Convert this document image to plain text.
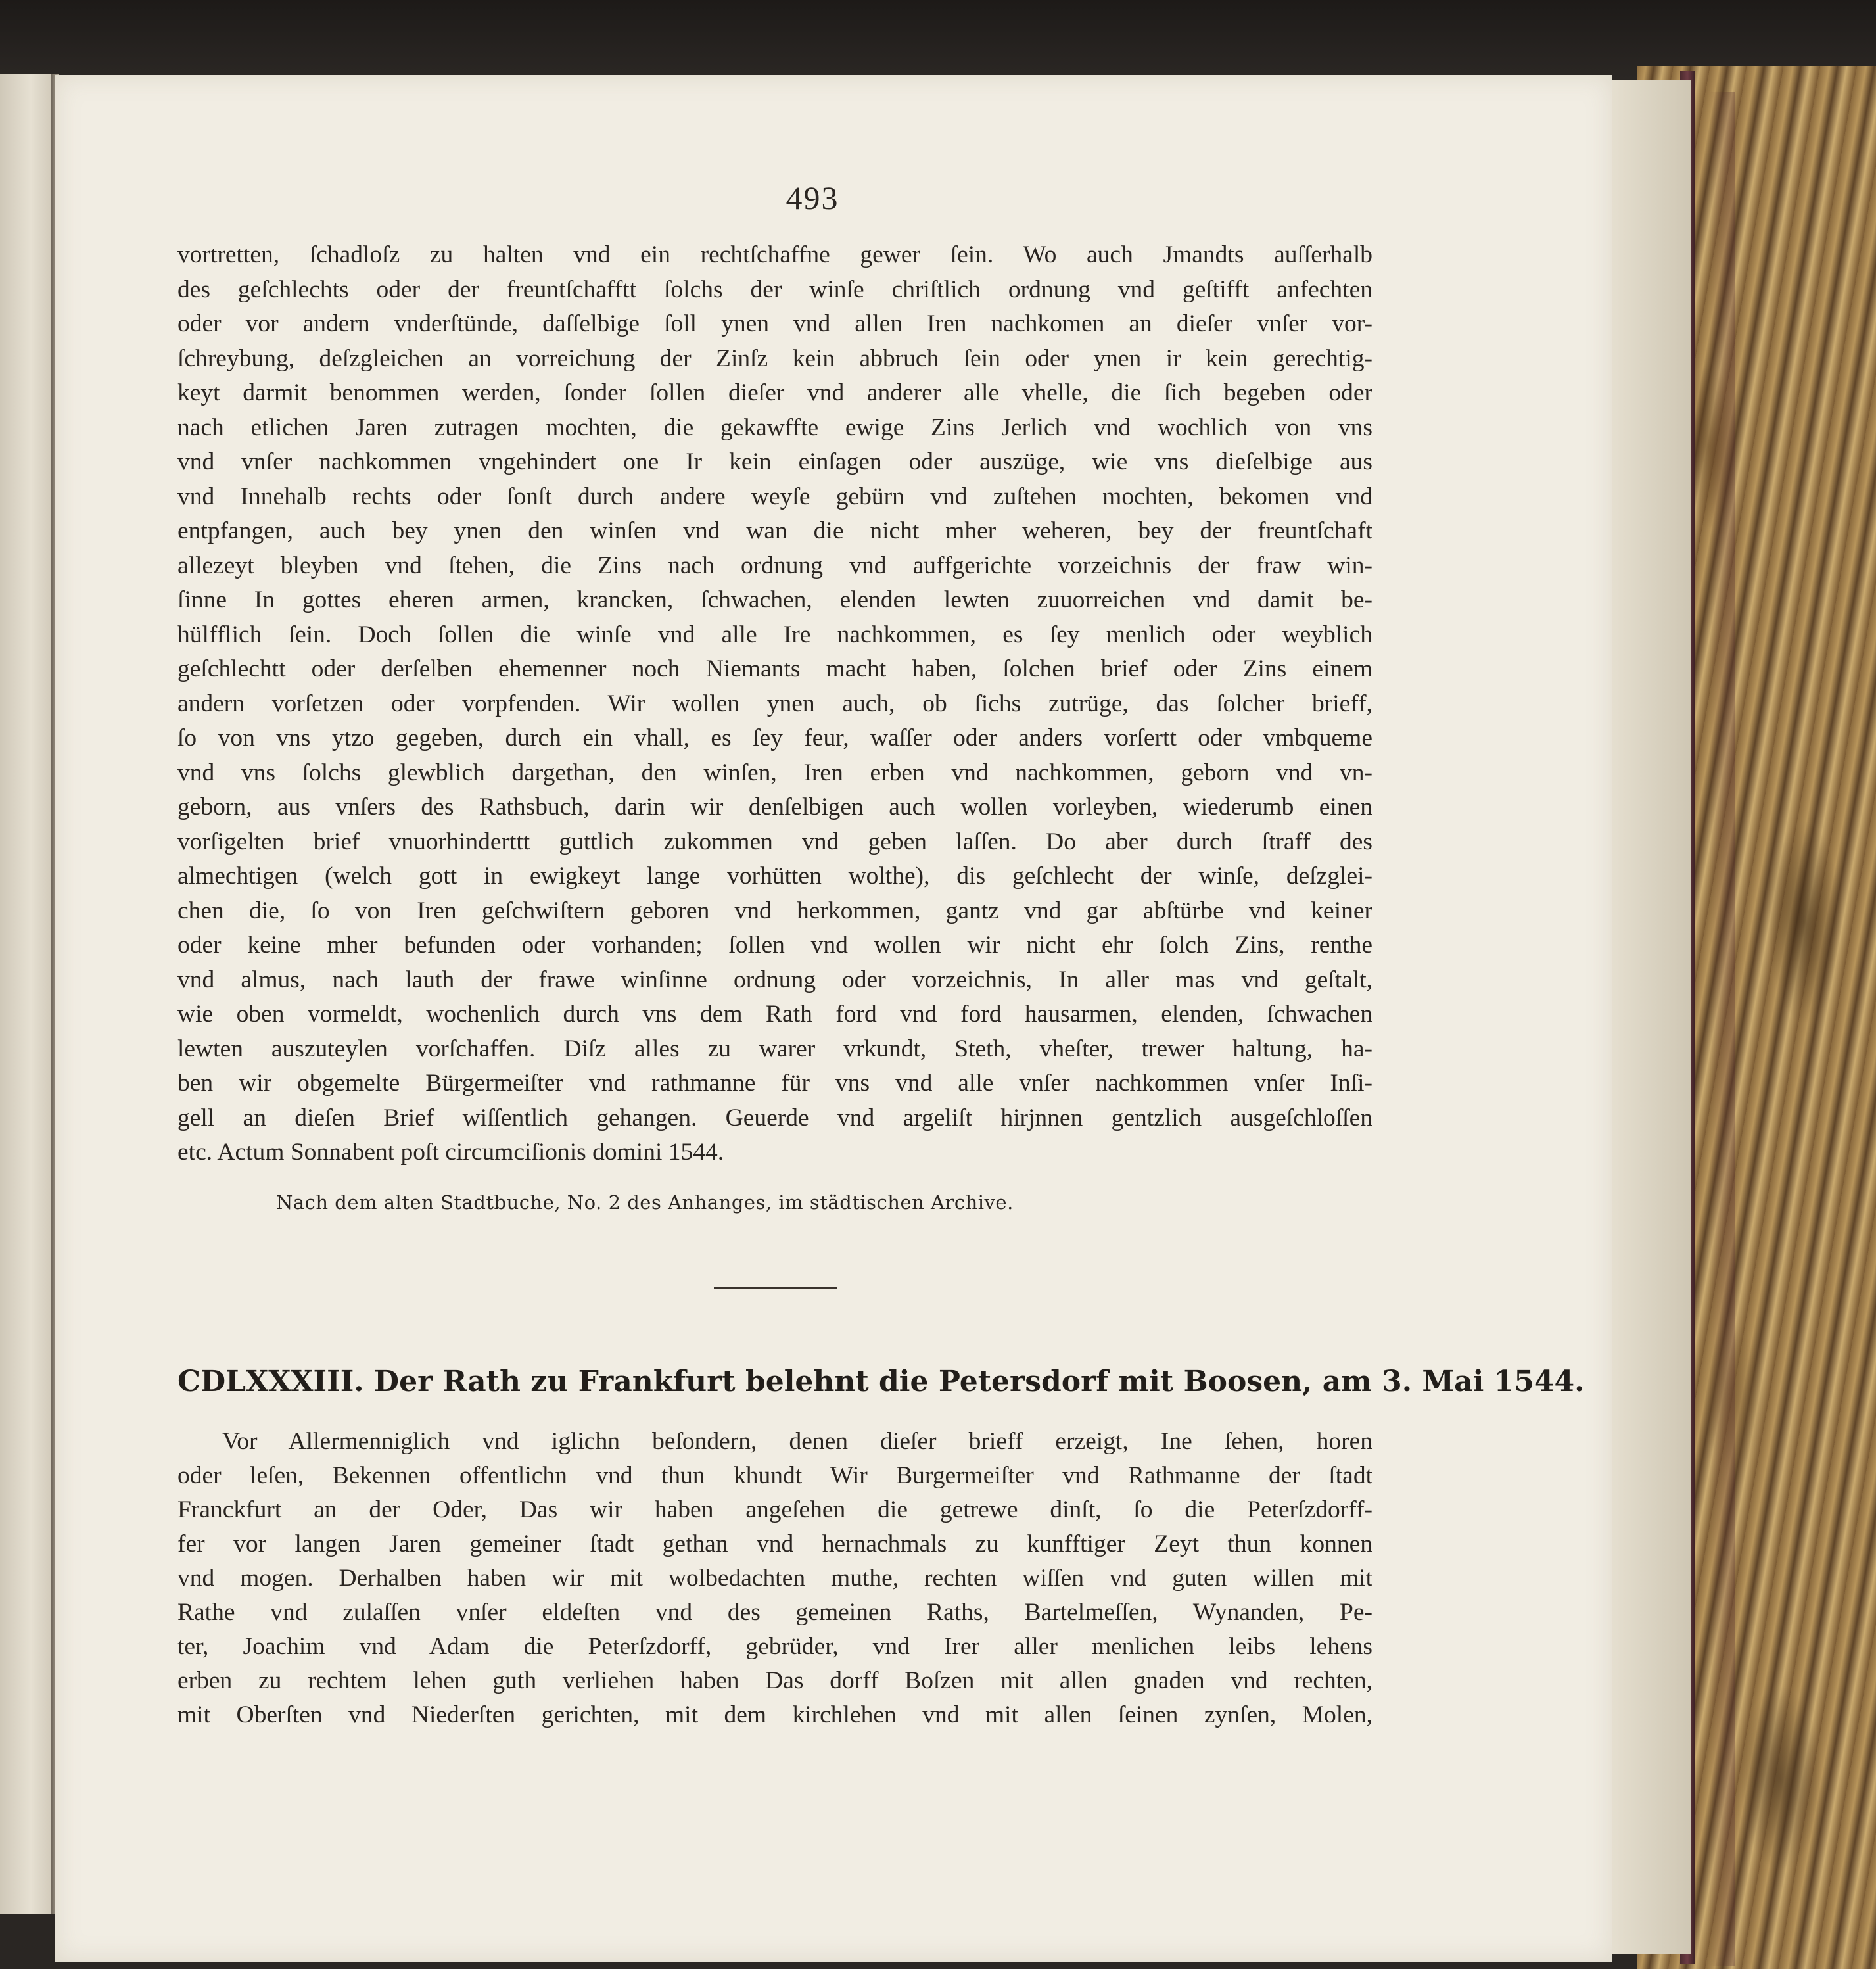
493
vortretten, ſchadloſz zu halten vnd ein rechtſchaffne gewer ſein. Wo auch Jmandts auſſerhalb
des geſchlechts oder der freuntſchafftt ſolchs der winſe chriſtlich ordnung vnd geſtifft anfechten
oder vor andern vnderſtünde, daſſelbige ſoll ynen vnd allen Iren nachkomen an dieſer vnſer vor-
ſchreybung, deſzgleichen an vorreichung der Zinſz kein abbruch ſein oder ynen ir kein gerechtig-
keyt darmit benommen werden, ſonder ſollen dieſer vnd anderer alle vhelle, die ſich begeben oder
nach etlichen Jaren zutragen mochten, die gekawffte ewige Zins Jerlich vnd wochlich von vns
vnd vnſer nachkommen vngehindert one Ir kein einſagen oder auszüge, wie vns dieſelbige aus
vnd Innehalb rechts oder ſonſt durch andere weyſe gebürn vnd zuſtehen mochten, bekomen vnd
entpfangen, auch bey ynen den winſen vnd wan die nicht mher weheren, bey der freuntſchaft
allezeyt bleyben vnd ſtehen, die Zins nach ordnung vnd auffgerichte vorzeichnis der fraw win-
ſinne In gottes eheren armen, krancken, ſchwachen, elenden lewten zuuorreichen vnd damit be-
hülfflich ſein. Doch ſollen die winſe vnd alle Ire nachkommen, es ſey menlich oder weyblich
geſchlechtt oder derſelben ehemenner noch Niemants macht haben, ſolchen brief oder Zins einem
andern vorſetzen oder vorpfenden. Wir wollen ynen auch, ob ſichs zutrüge, das ſolcher brieff,
ſo von vns ytzo gegeben, durch ein vhall, es ſey feur, waſſer oder anders vorſertt oder vmbqueme
vnd vns ſolchs glewblich dargethan, den winſen, Iren erben vnd nachkommen, geborn vnd vn-
geborn, aus vnſers des Rathsbuch, darin wir denſelbigen auch wollen vorleyben, wiederumb einen
vorſigelten brief vnuorhinderttt guttlich zukommen vnd geben laſſen. Do aber durch ſtraff des
almechtigen (welch gott in ewigkeyt lange vorhütten wolthe), dis geſchlecht der winſe, deſzglei-
chen die, ſo von Iren geſchwiſtern geboren vnd herkommen, gantz vnd gar abſtürbe vnd keiner
oder keine mher befunden oder vorhanden; ſollen vnd wollen wir nicht ehr ſolch Zins, renthe
vnd almus, nach lauth der frawe winſinne ordnung oder vorzeichnis, In aller mas vnd geſtalt,
wie oben vormeldt, wochenlich durch vns dem Rath ford vnd ford hausarmen, elenden, ſchwachen
lewten auszuteylen vorſchaffen. Diſz alles zu warer vrkundt, Steth, vheſter, trewer haltung, ha-
ben wir obgemelte Bürgermeiſter vnd rathmanne für vns vnd alle vnſer nachkommen vnſer Inſi-
gell an dieſen Brief wiſſentlich gehangen. Geuerde vnd argeliſt hirjnnen gentzlich ausgeſchloſſen
etc. Actum Sonnabent poſt circumciſionis domini 1544.
Nach dem alten Stadtbuche, No. 2 des Anhanges, im städtischen Archive.
CDLXXXIII. Der Rath zu Frankfurt belehnt die Petersdorf mit Boosen, am 3. Mai 1544.
Vor Allermenniglich vnd iglichn beſondern, denen dieſer brieff erzeigt, Ine ſehen, horen
oder leſen, Bekennen offentlichn vnd thun khundt Wir Burgermeiſter vnd Rathmanne der ſtadt
Franckfurt an der Oder, Das wir haben angeſehen die getrewe dinſt, ſo die Peterſzdorff-
fer vor langen Jaren gemeiner ſtadt gethan vnd hernachmals zu kunfftiger Zeyt thun konnen
vnd mogen. Derhalben haben wir mit wolbedachten muthe, rechten wiſſen vnd guten willen mit
Rathe vnd zulaſſen vnſer eldeſten vnd des gemeinen Raths, Bartelmeſſen, Wynanden, Pe-
ter, Joachim vnd Adam die Peterſzdorff, gebrüder, vnd Irer aller menlichen leibs lehens
erben zu rechtem lehen guth verliehen haben Das dorff Boſzen mit allen gnaden vnd rechten,
mit Oberſten vnd Niederſten gerichten, mit dem kirchlehen vnd mit allen ſeinen zynſen, Molen,
